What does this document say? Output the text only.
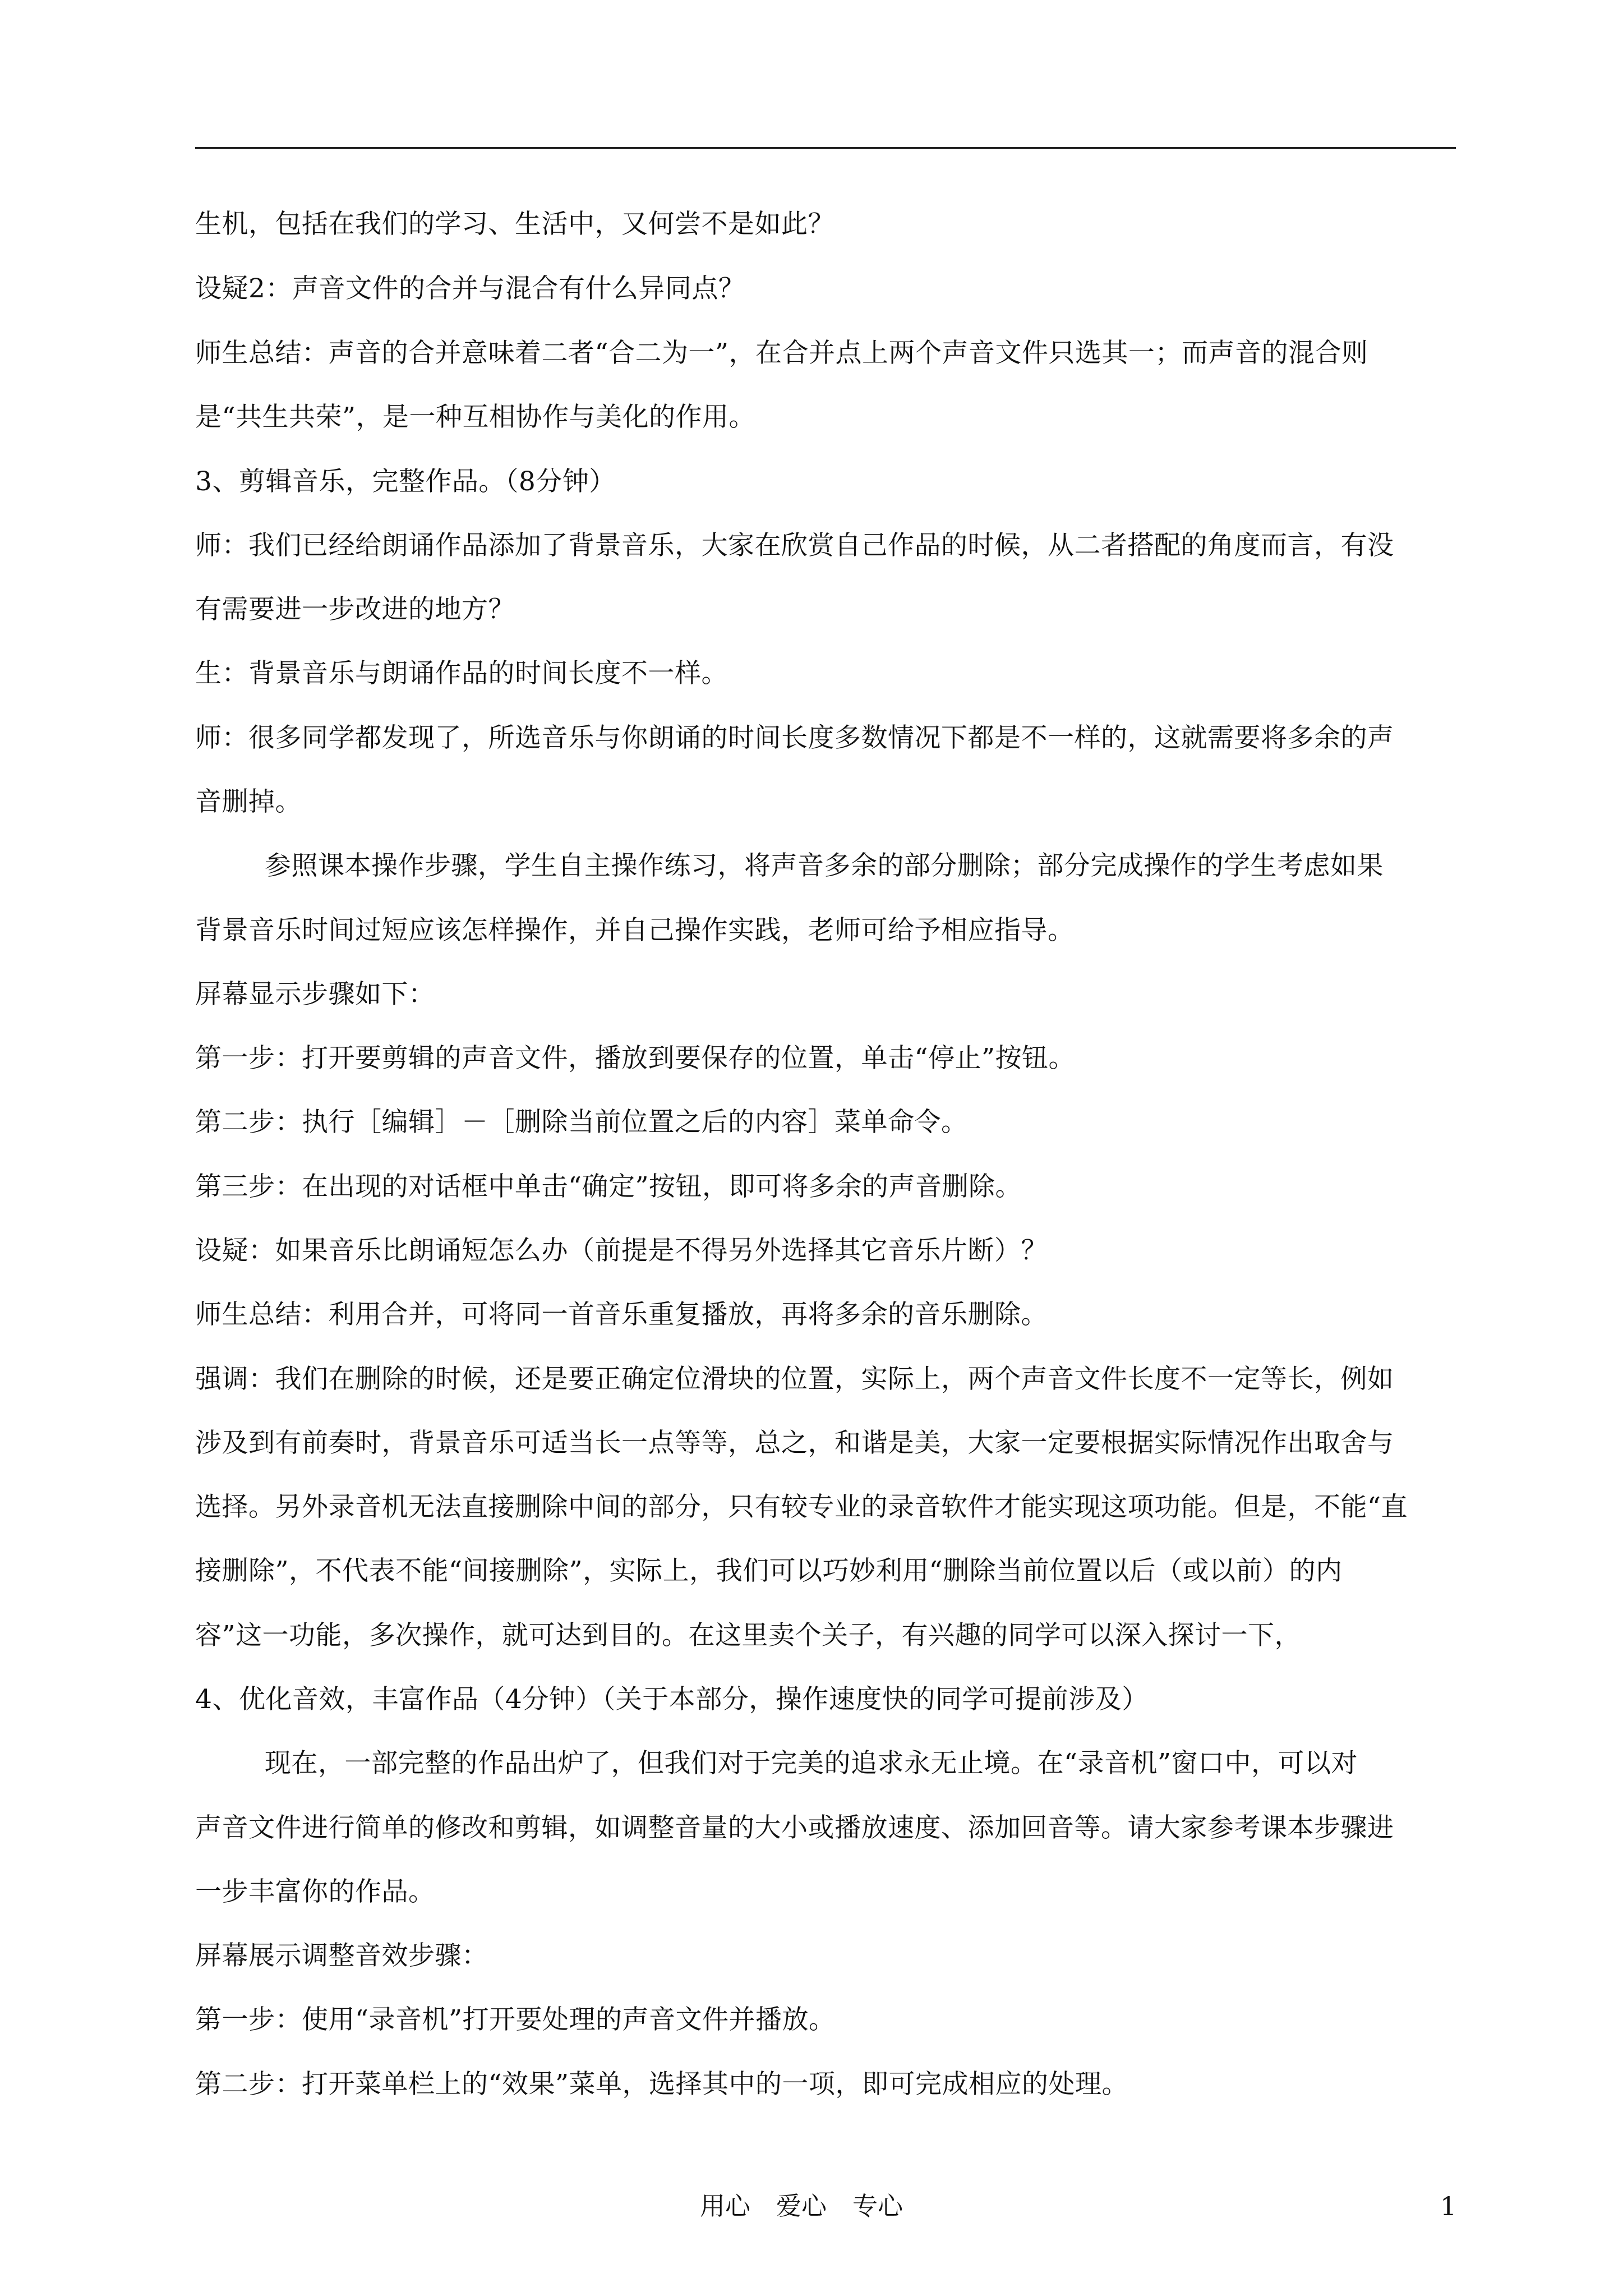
生机，包括在我们的学习、生活中，又何尝不是如此？
设疑2：声音文件的合并与混合有什么异同点？
师生总结：声音的合并意味着二者“合二为一”，在合并点上两个声音文件只选其一；而声音的混合则
是“共生共荣”，是一种互相协作与美化的作用。
3、剪辑音乐，完整作品。（8分钟）
师：我们已经给朗诵作品添加了背景音乐，大家在欣赏自己作品的时候，从二者搭配的角度而言，有没
有需要进一步改进的地方？
生：背景音乐与朗诵作品的时间长度不一样。
师：很多同学都发现了，所选音乐与你朗诵的时间长度多数情况下都是不一样的，这就需要将多余的声
音删掉。
参照课本操作步骤，学生自主操作练习，将声音多余的部分删除；部分完成操作的学生考虑如果
背景音乐时间过短应该怎样操作，并自己操作实践，老师可给予相应指导。
屏幕显示步骤如下：
第一步：打开要剪辑的声音文件，播放到要保存的位置，单击“停止”按钮。
第二步：执行［编辑］－［删除当前位置之后的内容］菜单命令。
第三步：在出现的对话框中单击“确定”按钮，即可将多余的声音删除。
设疑：如果音乐比朗诵短怎么办（前提是不得另外选择其它音乐片断）？
师生总结：利用合并，可将同一首音乐重复播放，再将多余的音乐删除。
强调：我们在删除的时候，还是要正确定位滑块的位置，实际上，两个声音文件长度不一定等长，例如
涉及到有前奏时，背景音乐可适当长一点等等，总之，和谐是美，大家一定要根据实际情况作出取舍与
选择。另外录音机无法直接删除中间的部分，只有较专业的录音软件才能实现这项功能。但是，不能“直
接删除”，不代表不能“间接删除”，实际上，我们可以巧妙利用“删除当前位置以后（或以前）的内
容”这一功能，多次操作，就可达到目的。在这里卖个关子，有兴趣的同学可以深入探讨一下，
4、优化音效，丰富作品（4分钟）（关于本部分，操作速度快的同学可提前涉及）
现在，一部完整的作品出炉了，但我们对于完美的追求永无止境。在“录音机”窗口中，可以对
声音文件进行简单的修改和剪辑，如调整音量的大小或播放速度、添加回音等。请大家参考课本步骤进
一步丰富你的作品。
屏幕展示调整音效步骤：
第一步：使用“录音机”打开要处理的声音文件并播放。
第二步：打开菜单栏上的“效果”菜单，选择其中的一项，即可完成相应的处理。
用心 爱心 专心	1
